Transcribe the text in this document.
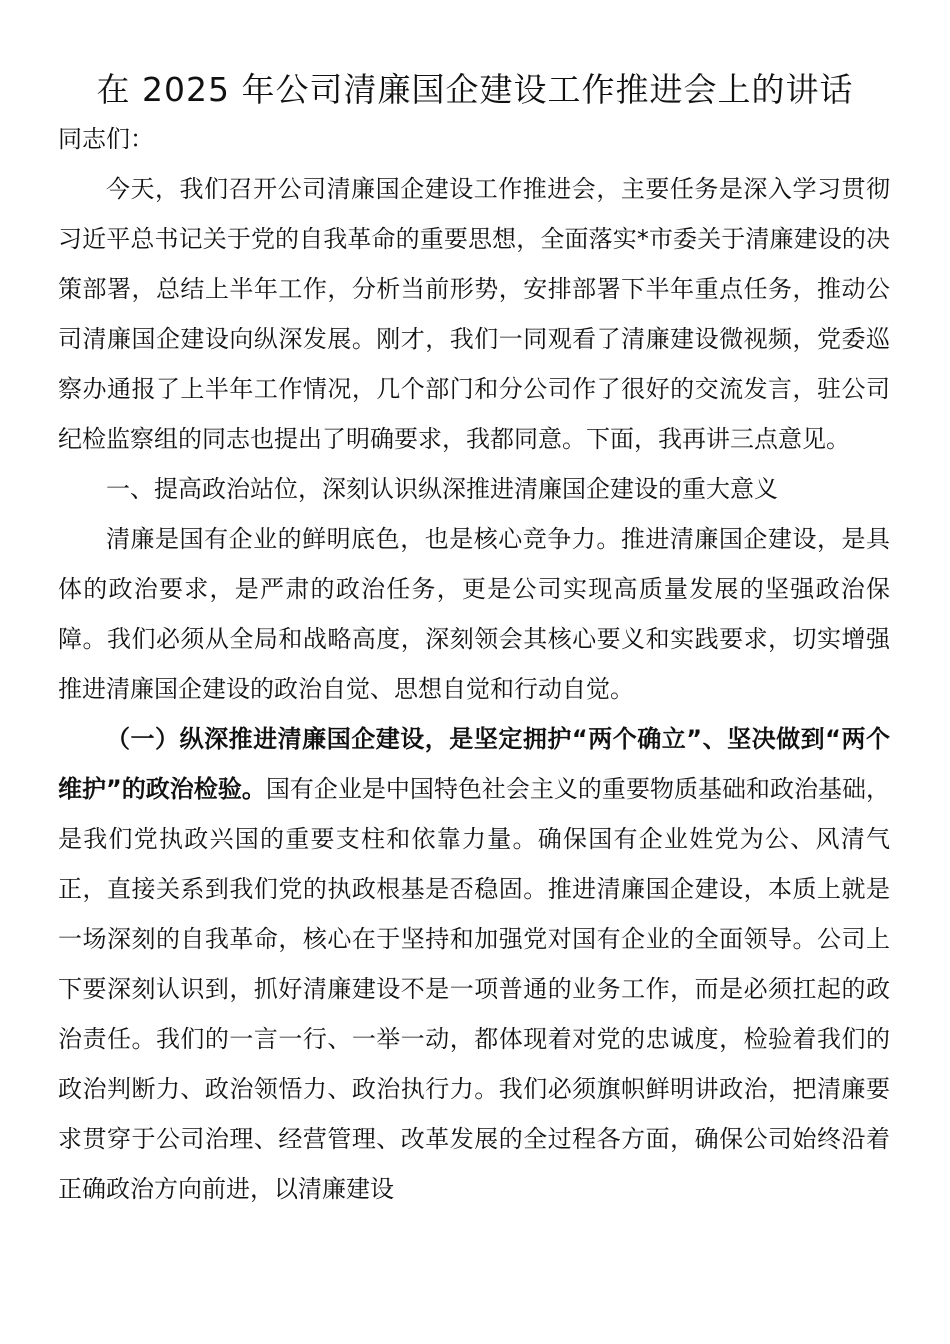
在 2025 年公司清廉国企建设工作推进会上的讲话

同志们：

今天，我们召开公司清廉国企建设工作推进会，主要任务是深入学习贯彻习近平总书记关于党的自我革命的重要思想，全面落实*市委关于清廉建设的决策部署，总结上半年工作，分析当前形势，安排部署下半年重点任务，推动公司清廉国企建设向纵深发展。刚才，我们一同观看了清廉建设微视频，党委巡察办通报了上半年工作情况，几个部门和分公司作了很好的交流发言，驻公司纪检监察组的同志也提出了明确要求，我都同意。下面，我再讲三点意见。

一、提高政治站位，深刻认识纵深推进清廉国企建设的重大意义

清廉是国有企业的鲜明底色，也是核心竞争力。推进清廉国企建设，是具体的政治要求，是严肃的政治任务，更是公司实现高质量发展的坚强政治保障。我们必须从全局和战略高度，深刻领会其核心要义和实践要求，切实增强推进清廉国企建设的政治自觉、思想自觉和行动自觉。

（一）纵深推进清廉国企建设，是坚定拥护“两个确立”、坚决做到“两个维护”的政治检验。国有企业是中国特色社会主义的重要物质基础和政治基础，是我们党执政兴国的重要支柱和依靠力量。确保国有企业姓党为公、风清气正，直接关系到我们党的执政根基是否稳固。推进清廉国企建设，本质上就是一场深刻的自我革命，核心在于坚持和加强党对国有企业的全面领导。公司上下要深刻认识到，抓好清廉建设不是一项普通的业务工作，而是必须扛起的政治责任。我们的一言一行、一举一动，都体现着对党的忠诚度，检验着我们的政治判断力、政治领悟力、政治执行力。我们必须旗帜鲜明讲政治，把清廉要求贯穿于公司治理、经营管理、改革发展的全过程各方面，确保公司始终沿着正确政治方向前进，以清廉建设
